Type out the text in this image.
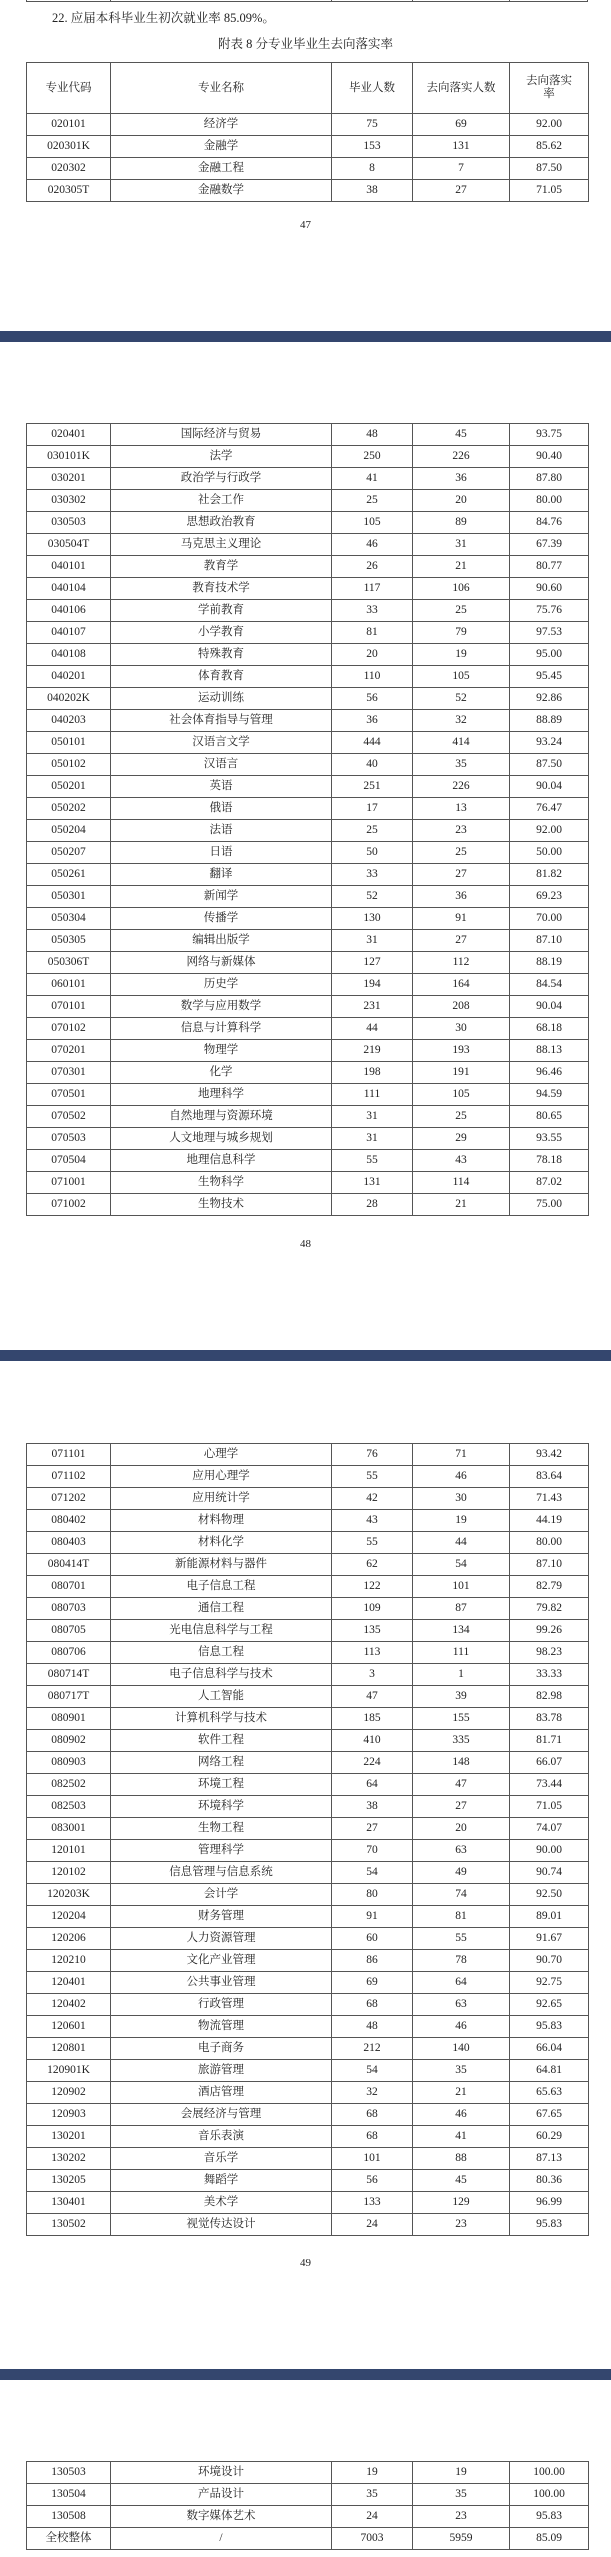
22. 应届本科毕业生初次就业率 85.09%。
附表 8 分专业毕业生去向落实率
专业代码	专业名称	毕业人数	去向落实人数	去向落实率
020101	经济学	75	69	92.00
020301K	金融学	153	131	85.62
020302	金融工程	8	7	87.50
020305T	金融数学	38	27	71.05
47
020401	国际经济与贸易	48	45	93.75
030101K	法学	250	226	90.40
030201	政治学与行政学	41	36	87.80
030302	社会工作	25	20	80.00
030503	思想政治教育	105	89	84.76
030504T	马克思主义理论	46	31	67.39
040101	教育学	26	21	80.77
040104	教育技术学	117	106	90.60
040106	学前教育	33	25	75.76
040107	小学教育	81	79	97.53
040108	特殊教育	20	19	95.00
040201	体育教育	110	105	95.45
040202K	运动训练	56	52	92.86
040203	社会体育指导与管理	36	32	88.89
050101	汉语言文学	444	414	93.24
050102	汉语言	40	35	87.50
050201	英语	251	226	90.04
050202	俄语	17	13	76.47
050204	法语	25	23	92.00
050207	日语	50	25	50.00
050261	翻译	33	27	81.82
050301	新闻学	52	36	69.23
050304	传播学	130	91	70.00
050305	编辑出版学	31	27	87.10
050306T	网络与新媒体	127	112	88.19
060101	历史学	194	164	84.54
070101	数学与应用数学	231	208	90.04
070102	信息与计算科学	44	30	68.18
070201	物理学	219	193	88.13
070301	化学	198	191	96.46
070501	地理科学	111	105	94.59
070502	自然地理与资源环境	31	25	80.65
070503	人文地理与城乡规划	31	29	93.55
070504	地理信息科学	55	43	78.18
071001	生物科学	131	114	87.02
071002	生物技术	28	21	75.00
48
071101	心理学	76	71	93.42
071102	应用心理学	55	46	83.64
071202	应用统计学	42	30	71.43
080402	材料物理	43	19	44.19
080403	材料化学	55	44	80.00
080414T	新能源材料与器件	62	54	87.10
080701	电子信息工程	122	101	82.79
080703	通信工程	109	87	79.82
080705	光电信息科学与工程	135	134	99.26
080706	信息工程	113	111	98.23
080714T	电子信息科学与技术	3	1	33.33
080717T	人工智能	47	39	82.98
080901	计算机科学与技术	185	155	83.78
080902	软件工程	410	335	81.71
080903	网络工程	224	148	66.07
082502	环境工程	64	47	73.44
082503	环境科学	38	27	71.05
083001	生物工程	27	20	74.07
120101	管理科学	70	63	90.00
120102	信息管理与信息系统	54	49	90.74
120203K	会计学	80	74	92.50
120204	财务管理	91	81	89.01
120206	人力资源管理	60	55	91.67
120210	文化产业管理	86	78	90.70
120401	公共事业管理	69	64	92.75
120402	行政管理	68	63	92.65
120601	物流管理	48	46	95.83
120801	电子商务	212	140	66.04
120901K	旅游管理	54	35	64.81
120902	酒店管理	32	21	65.63
120903	会展经济与管理	68	46	67.65
130201	音乐表演	68	41	60.29
130202	音乐学	101	88	87.13
130205	舞蹈学	56	45	80.36
130401	美术学	133	129	96.99
130502	视觉传达设计	24	23	95.83
49
130503	环境设计	19	19	100.00
130504	产品设计	35	35	100.00
130508	数字媒体艺术	24	23	95.83
全校整体	/	7003	5959	85.09
